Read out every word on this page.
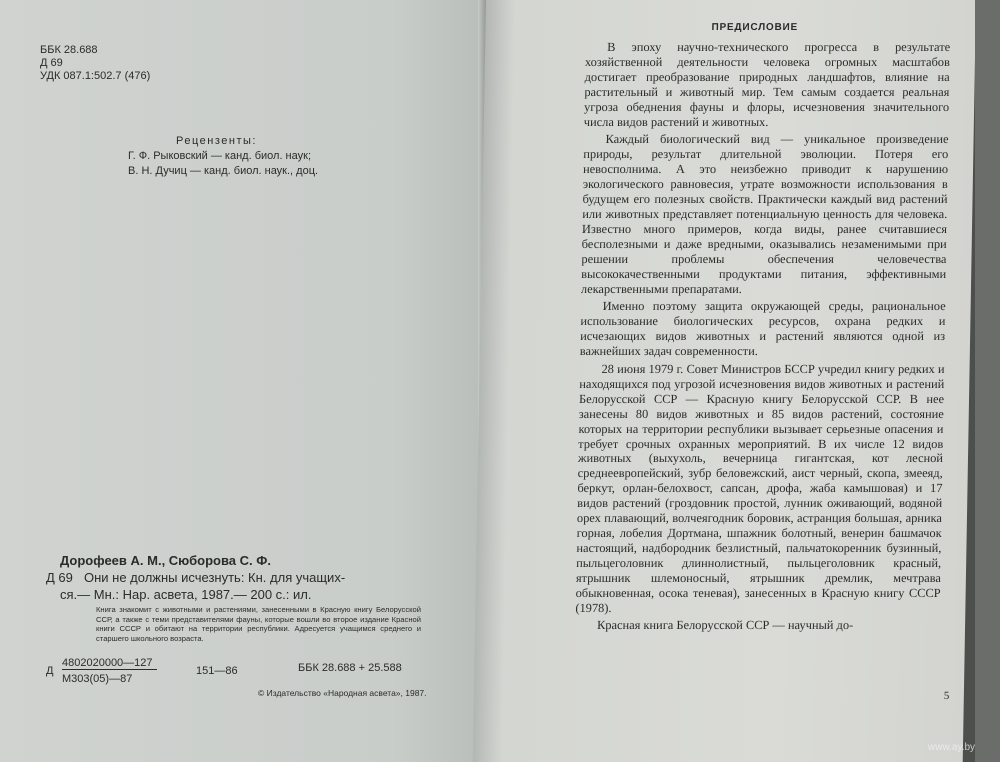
ББК 28.688
Д 69
УДК 087.1:502.7 (476)
Рецензенты:
Г. Ф. Рыковский — канд. биол. наук;
В. Н. Дучиц — канд. биол. наук., доц.
Дорофеев А. М., Сюборова С. Ф.
Д 69 Они не должны исчезнуть: Кн. для учащих-
ся.— Мн.: Нар. асвета, 1987.— 200 с.: ил.
Книга знакомит с животными и растениями, занесенными в Красную книгу Белорусской ССР, а также с теми представителями фауны, которые вошли во второе издание Красной книги СССР и обитают на территории республики. Адресуется учащимся среднего и старшего школьного возраста.
Д
4802020000—127
М303(05)—87
151—86	ББК 28.688 + 25.588
© Издательство «Народная асвета», 1987.
ПРЕДИСЛОВИЕ

В эпоху научно-технического прогресса в результате хозяйственной деятельности человека огромных масштабов достигает преобразование природных ландшафтов, влияние на растительный и животный мир. Тем самым создается реальная угроза обеднения фауны и флоры, исчезновения значительного числа видов растений и животных.

Каждый биологический вид — уникальное произведение природы, результат длительной эволюции. Потеря его невосполнима. А это неизбежно приводит к нарушению экологического равновесия, утрате возможности использования в будущем его полезных свойств. Практически каждый вид растений или животных представляет потенциальную ценность для человека. Известно много примеров, когда виды, ранее считавшиеся бесполезными и даже вредными, оказывались незаменимыми при решении проблемы обеспечения человечества высококачественными продуктами питания, эффективными лекарственными препаратами.

Именно поэтому защита окружающей среды, рациональное использование биологических ресурсов, охрана редких и исчезающих видов животных и растений являются одной из важнейших задач современности.

28 июня 1979 г. Совет Министров БССР учредил книгу редких и находящихся под угрозой исчезновения видов животных и растений Белорусской ССР — Красную книгу Белорусской ССР. В нее занесены 80 видов животных и 85 видов растений, состояние которых на территории республики вызывает серьезные опасения и требует срочных охранных мероприятий. В их числе 12 видов животных (выхухоль, вечерница гигантская, кот лесной среднеевропейский, зубр беловежский, аист черный, скопа, змееяд, беркут, орлан-белохвост, сапсан, дрофа, жаба камышовая) и 17 видов растений (гроздовник простой, лунник оживающий, водяной орех плавающий, волчеягодник боровик, астранция большая, арника горная, лобелия Дортмана, шпажник болотный, венерин башмачок настоящий, надбородник безлистный, пальчатокоренник бузинный, пыльцеголовник длиннолистный, пыльцеголовник красный, ятрышник шлемоносный, ятрышник дремлик, мечтрава обыкновенная, осока теневая), занесенных в Красную книгу СССР (1978).

Красная книга Белорусской ССР — научный до-

5
www.ay.by
